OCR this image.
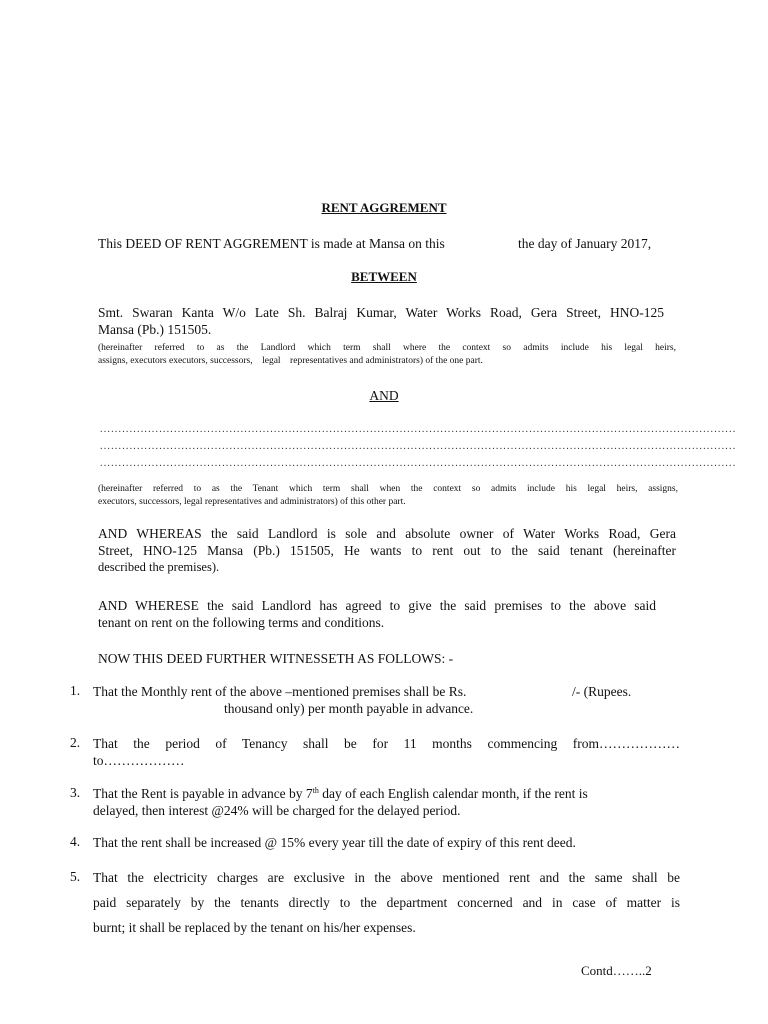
RENT AGGREMENT
This DEED OF RENT AGGREMENT is made at Mansa on this	the day of January 2017,
BETWEEN
Smt. Swaran Kanta W/o Late Sh. Balraj Kumar, Water Works Road, Gera Street, HNO-125
Mansa (Pb.) 151505.
(hereinafter referred to as the Landlord which term shall where the context so admits include his legal heirs,
assigns, executors executors, successors,    legal    representatives and administrators) of the one part.
AND
............................................................................................................................................................................
............................................................................................................................................................................
............................................................................................................................................................................
(hereinafter referred to as the Tenant which term shall when the context so admits include his legal heirs, assigns,
executors, successors, legal representatives and administrators) of this other part.
AND WHEREAS the said Landlord is sole and absolute owner of Water Works Road, Gera
Street, HNO-125 Mansa (Pb.) 151505, He wants to rent out to the said tenant (hereinafter
described the premises).
AND WHERESE the said Landlord has agreed to give the said premises to the above said
tenant on rent on the following terms and conditions.
NOW THIS DEED FURTHER WITNESSETH AS FOLLOWS: -
1. That the Monthly rent of the above –mentioned premises shall be Rs.	/- (Rupees.
thousand only) per month payable in advance.
2. That the period of Tenancy shall be for 11 months commencing from………………
to………………
3. That the Rent is payable in advance by 7th day of each English calendar month, if the rent is
delayed, then interest @24% will be charged for the delayed period.
4. That the rent shall be increased @ 15% every year till the date of expiry of this rent deed.
5. That the electricity charges are exclusive in the above mentioned rent and the same shall be
paid separately by the tenants directly to the department concerned and in case of matter is
burnt; it shall be replaced by the tenant on his/her expenses.
Contd……..2
